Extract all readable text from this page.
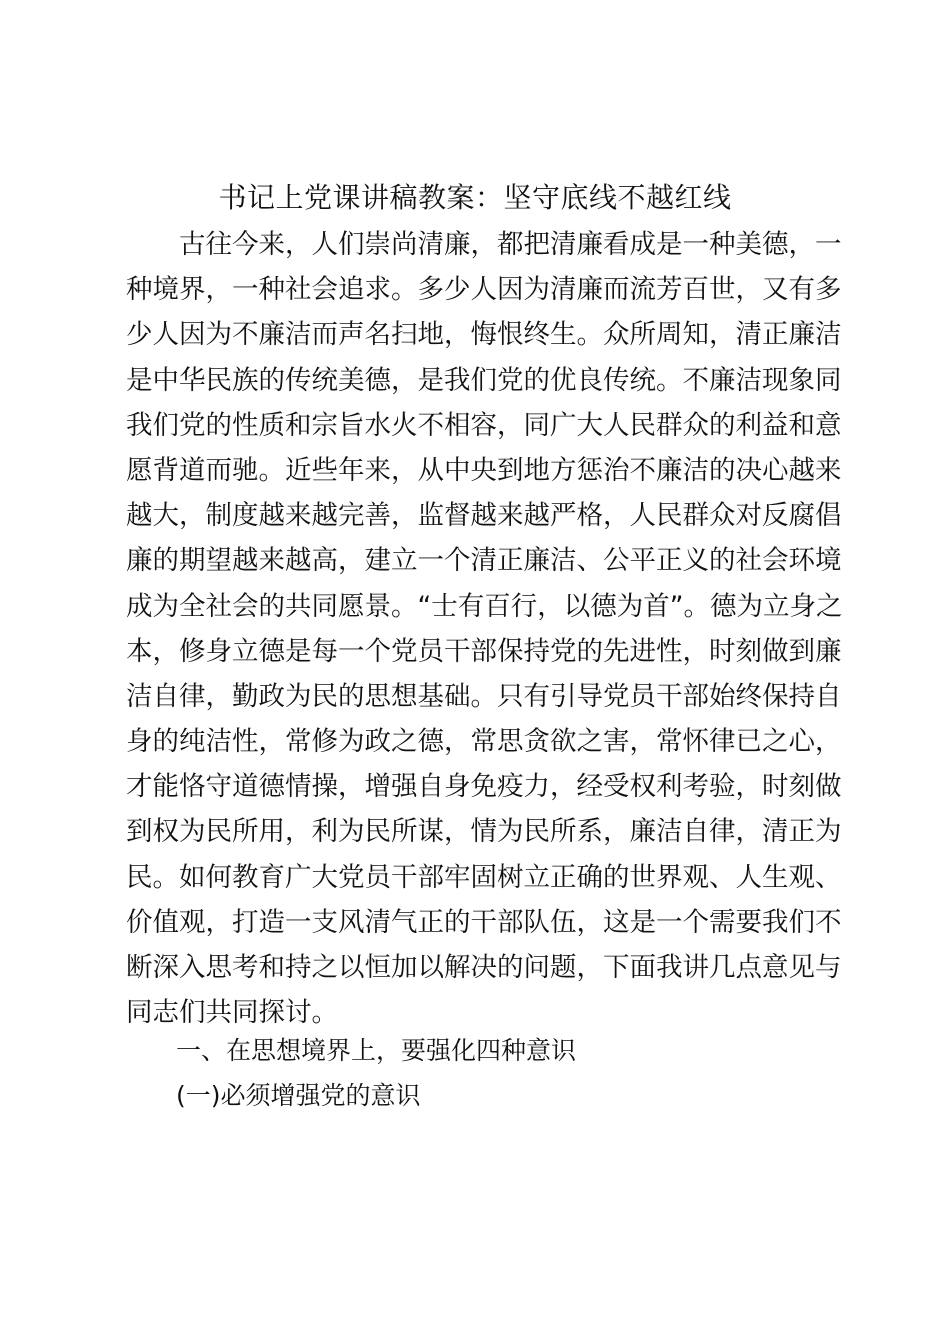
书记上党课讲稿教案：坚守底线不越红线
古往今来，人们崇尚清廉，都把清廉看成是一种美德，一
种境界，一种社会追求。多少人因为清廉而流芳百世，又有多
少人因为不廉洁而声名扫地，悔恨终生。众所周知，清正廉洁
是中华民族的传统美德，是我们党的优良传统。不廉洁现象同
我们党的性质和宗旨水火不相容，同广大人民群众的利益和意
愿背道而驰。近些年来，从中央到地方惩治不廉洁的决心越来
越大，制度越来越完善，监督越来越严格，人民群众对反腐倡
廉的期望越来越高，建立一个清正廉洁、公平正义的社会环境
成为全社会的共同愿景。“士有百行，以德为首”。德为立身之
本，修身立德是每一个党员干部保持党的先进性，时刻做到廉
洁自律，勤政为民的思想基础。只有引导党员干部始终保持自
身的纯洁性，常修为政之德，常思贪欲之害，常怀律已之心，
才能恪守道德情操，增强自身免疫力，经受权利考验，时刻做
到权为民所用，利为民所谋，情为民所系，廉洁自律，清正为
民。如何教育广大党员干部牢固树立正确的世界观、人生观、
价值观，打造一支风清气正的干部队伍，这是一个需要我们不
断深入思考和持之以恒加以解决的问题，下面我讲几点意见与
同志们共同探讨。
一、在思想境界上，要强化四种意识
(一)必须增强党的意识
